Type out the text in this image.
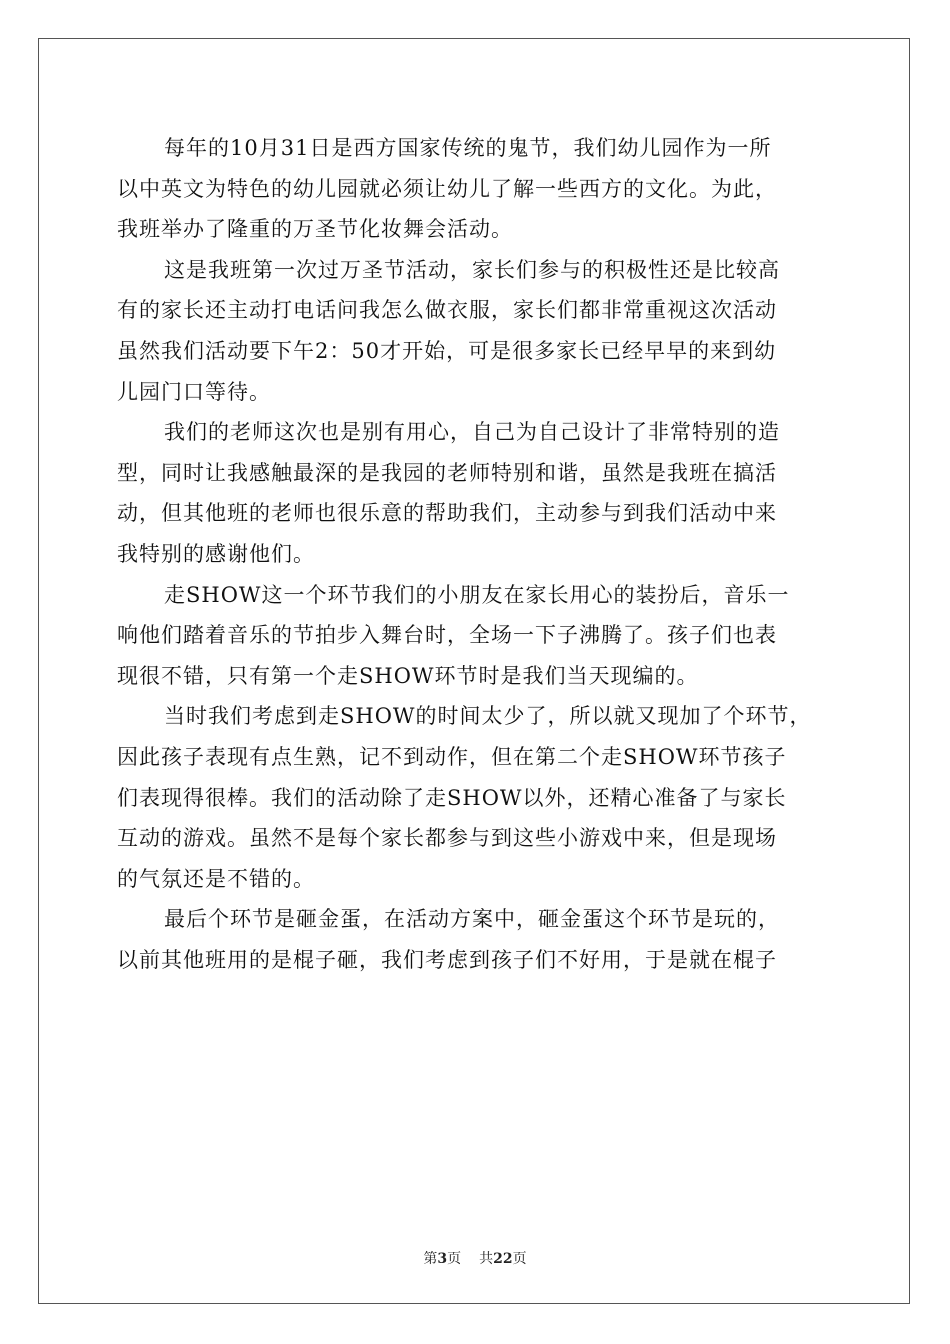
每年的10月31日是西方国家传统的鬼节，我们幼儿园作为一所
以中英文为特色的幼儿园就必须让幼儿了解一些西方的文化。为此，
我班举办了隆重的万圣节化妆舞会活动。
这是我班第一次过万圣节活动，家长们参与的积极性还是比较高
有的家长还主动打电话问我怎么做衣服，家长们都非常重视这次活动
虽然我们活动要下午2：50才开始，可是很多家长已经早早的来到幼
儿园门口等待。
我们的老师这次也是别有用心，自己为自己设计了非常特别的造
型，同时让我感触最深的是我园的老师特别和谐，虽然是我班在搞活
动，但其他班的老师也很乐意的帮助我们，主动参与到我们活动中来
我特别的感谢他们。
走SHOW这一个环节我们的小朋友在家长用心的装扮后，音乐一
响他们踏着音乐的节拍步入舞台时，全场一下子沸腾了。孩子们也表
现很不错，只有第一个走SHOW环节时是我们当天现编的。
当时我们考虑到走SHOW的时间太少了，所以就又现加了个环节，
因此孩子表现有点生熟，记不到动作，但在第二个走SHOW环节孩子
们表现得很棒。我们的活动除了走SHOW以外，还精心准备了与家长
互动的游戏。虽然不是每个家长都参与到这些小游戏中来，但是现场
的气氛还是不错的。
最后个环节是砸金蛋，在活动方案中，砸金蛋这个环节是玩的，
以前其他班用的是棍子砸，我们考虑到孩子们不好用，于是就在棍子
第3页 共22页
